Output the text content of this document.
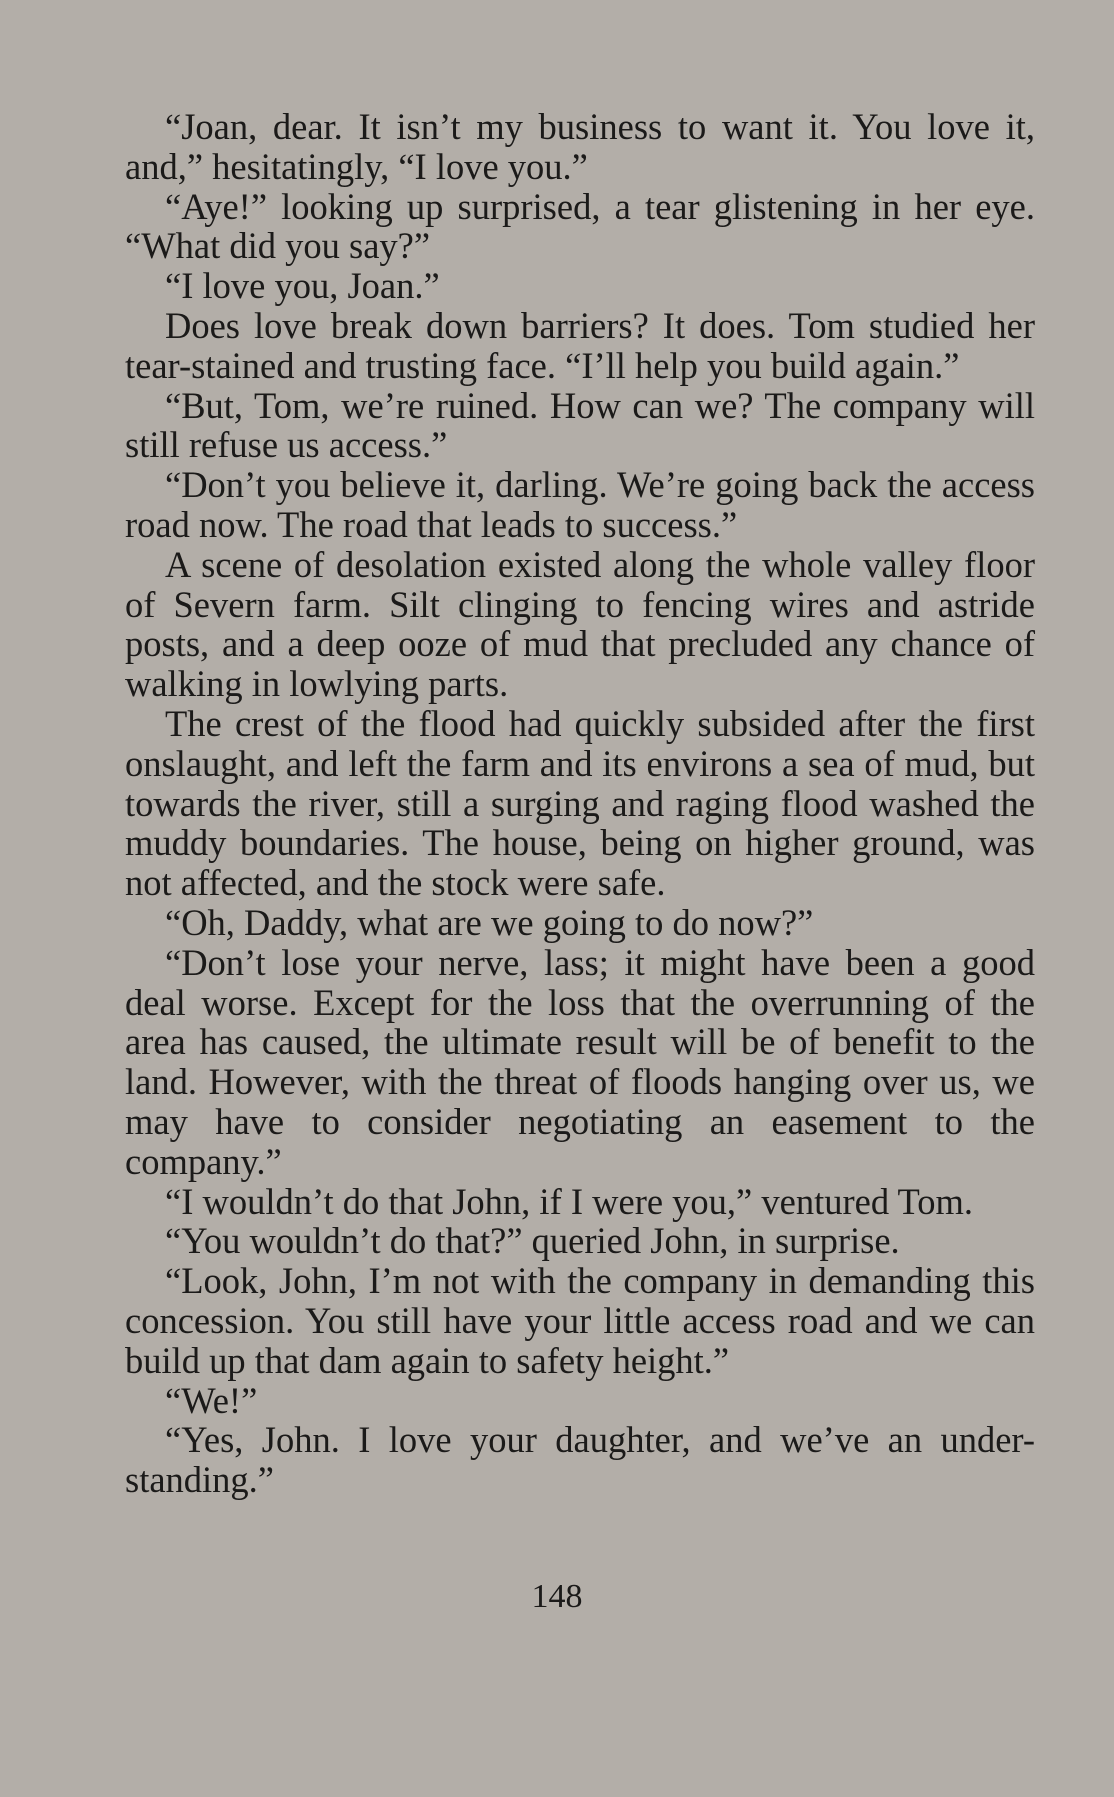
“Joan, dear. It isn’t my business to want it. You love it, and,” hesitatingly, “I love you.”

“Aye!” looking up surprised, a tear glistening in her eye. “What did you say?”

“I love you, Joan.”

Does love break down barriers? It does. Tom studied her tear-stained and trusting face. “I’ll help you build again.”

“But, Tom, we’re ruined. How can we? The company will still refuse us access.”

“Don’t you believe it, darling. We’re going back the access road now. The road that leads to success.”

A scene of desolation existed along the whole valley floor of Severn farm. Silt clinging to fencing wires and astride posts, and a deep ooze of mud that precluded any chance of walking in lowlying parts.

The crest of the flood had quickly subsided after the first onslaught, and left the farm and its environs a sea of mud, but towards the river, still a surging and raging flood washed the muddy boundaries. The house, being on higher ground, was not affected, and the stock were safe.

“Oh, Daddy, what are we going to do now?”

“Don’t lose your nerve, lass; it might have been a good deal worse. Except for the loss that the overrunning of the area has caused, the ultimate result will be of benefit to the land. However, with the threat of floods hanging over us, we may have to consider negotiating an easement to the company.”

“I wouldn’t do that John, if I were you,” ventured Tom.

“You wouldn’t do that?” queried John, in surprise.

“Look, John, I’m not with the company in demanding this concession. You still have your little access road and we can build up that dam again to safety height.”

“We!”

“Yes, John. I love your daughter, and we’ve an under-standing.”

148
